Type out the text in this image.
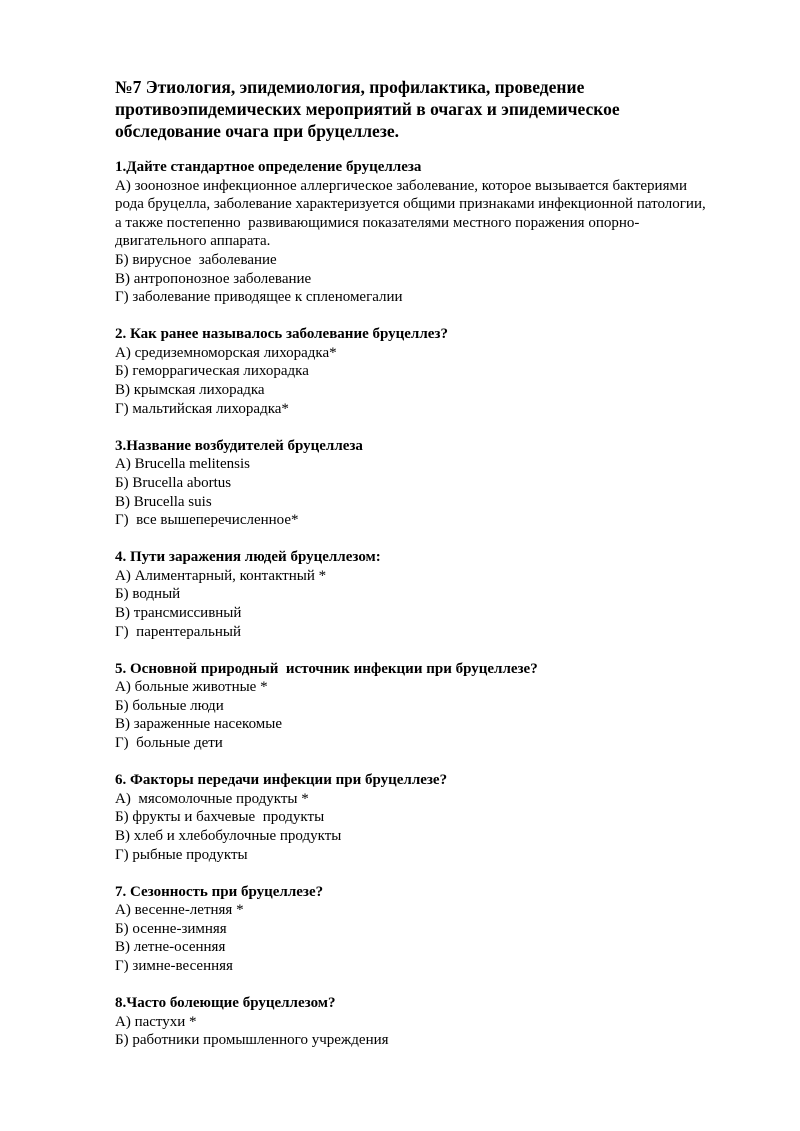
№7 Этиология, эпидемиология, профилактика, проведение
противоэпидемических мероприятий в очагах и эпидемическое
обследование очага при бруцеллезе.

1.Дайте стандартное определение бруцеллеза

А) зоонозное инфекционное аллергическое заболевание, которое вызывается бактериями

рода бруцелла, заболевание характеризуется общими признаками инфекционной патологии,

а также постепенно  развивающимися показателями местного поражения опорно-

двигательного аппарата.

Б) вирусное  заболевание

В) антропонозное заболевание

Г) заболевание приводящее к спленомегалии

2. Как ранее называлось заболевание бруцеллез?

А) средиземноморская лихорадка*

Б) геморрагическая лихорадка

В) крымская лихорадка

Г) мальтийская лихорадка*

3.Название возбудителей бруцеллеза

А) Brucella melitensis

Б) Brucella abortus

В) Brucella suis

Г)  все вышеперечисленное*

4. Пути заражения людей бруцеллезом:

А) Алиментарный, контактный *

Б) водный

В) трансмиссивный

Г)  парентеральный

5. Основной природный  источник инфекции при бруцеллезе?

А) больные животные *

Б) больные люди

В) зараженные насекомые

Г)  больные дети

6. Факторы передачи инфекции при бруцеллезе?

А)  мясомолочные продукты *

Б) фрукты и бахчевые  продукты

В) хлеб и хлебобулочные продукты

Г) рыбные продукты

7. Сезонность при бруцеллезе?

А) весенне-летняя *

Б) осенне-зимняя

В) летне-осенняя

Г) зимне-весенняя

8.Часто болеющие бруцеллезом?

А) пастухи *

Б) работники промышленного учреждения
